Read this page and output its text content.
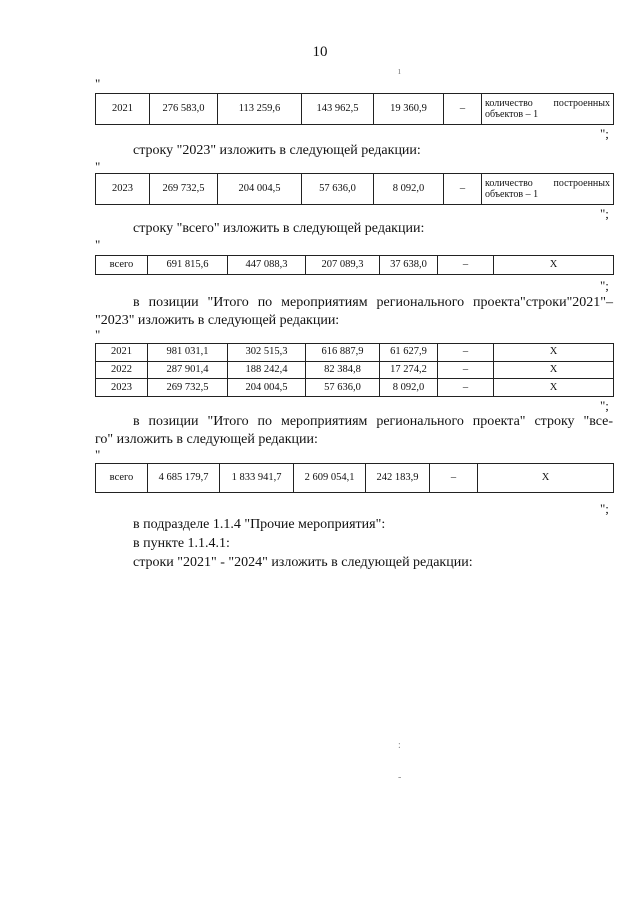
10
ı
"
2021	276 583,0	113 259,6	143 962,5	19 360,9	–	количество построенных
объектов – 1
";
строку "2023" изложить в следующей редакции:
"
2023	269 732,5	204 004,5	57 636,0	8 092,0	–	количество построенных
объектов – 1
";
строку "всего" изложить в следующей редакции:
"
всего	691 815,6	447 088,3	207 089,3	37 638,0	–	X
";
в позиции "Итого по мероприятиям регионального проекта"строки"2021"–
"2023" изложить в следующей редакции:
"
2021	981 031,1	302 515,3	616 887,9	61 627,9	–	X
2022	287 901,4	188 242,4	82 384,8	17 274,2	–	X
2023	269 732,5	204 004,5	57 636,0	8 092,0	–	X
";
в позиции "Итого по мероприятиям регионального проекта" строку "все-
го" изложить в следующей редакции:
"
всего	4 685 179,7	1 833 941,7	2 609 054,1	242 183,9	–	X
";
в подразделе 1.1.4 "Прочие мероприятия":
в пункте 1.1.4.1:
строки "2021" - "2024" изложить в следующей редакции:
:
-
